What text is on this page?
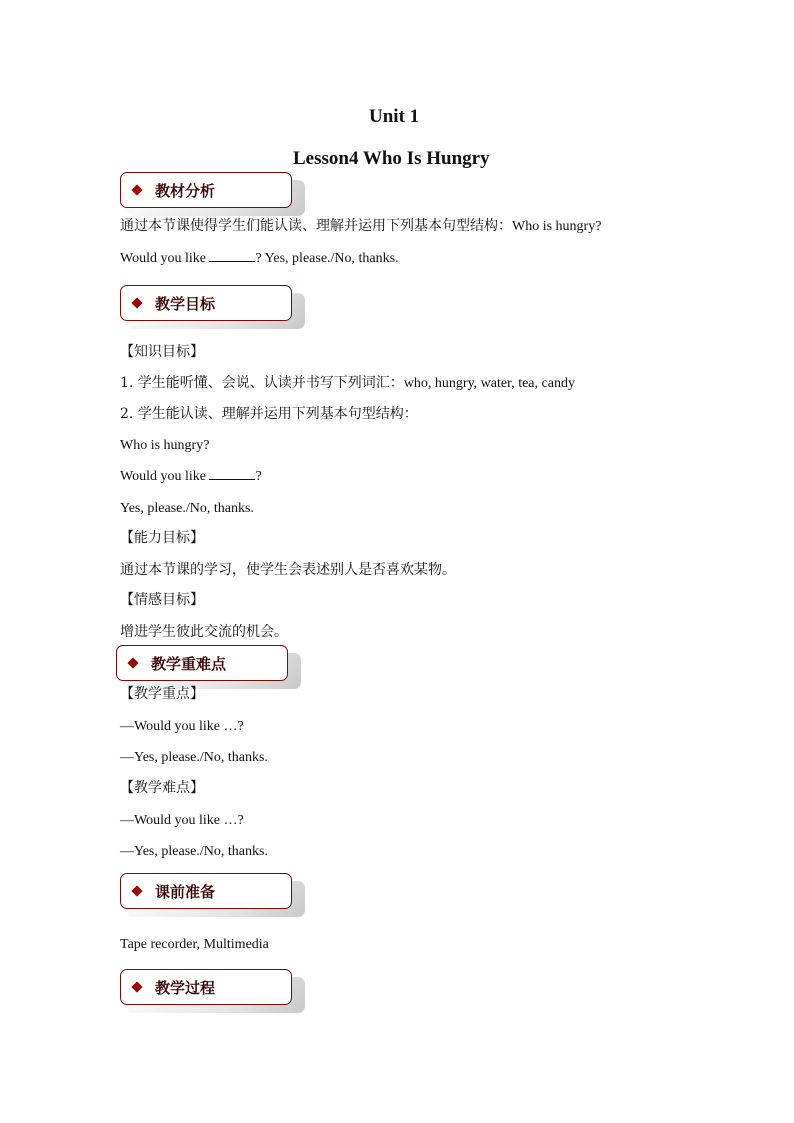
Unit 1
Lesson4 Who Is Hungry
教材分析
通过本节课使得学生们能认读、理解并运用下列基本句型结构：Who is hungry?
Would you like	? Yes, please./No, thanks.
教学目标
【知识目标】
1. 学生能听懂、会说、认读并书写下列词汇：who, hungry, water, tea, candy
2. 学生能认读、理解并运用下列基本句型结构：
Who is hungry?
Would you like	?
Yes, please./No, thanks.
【能力目标】
通过本节课的学习，使学生会表述别人是否喜欢某物。
【情感目标】
增进学生彼此交流的机会。
教学重难点
【教学重点】
—Would you like …?
—Yes, please./No, thanks.
【教学难点】
—Would you like …?
—Yes, please./No, thanks.
课前准备
Tape recorder, Multimedia
教学过程
